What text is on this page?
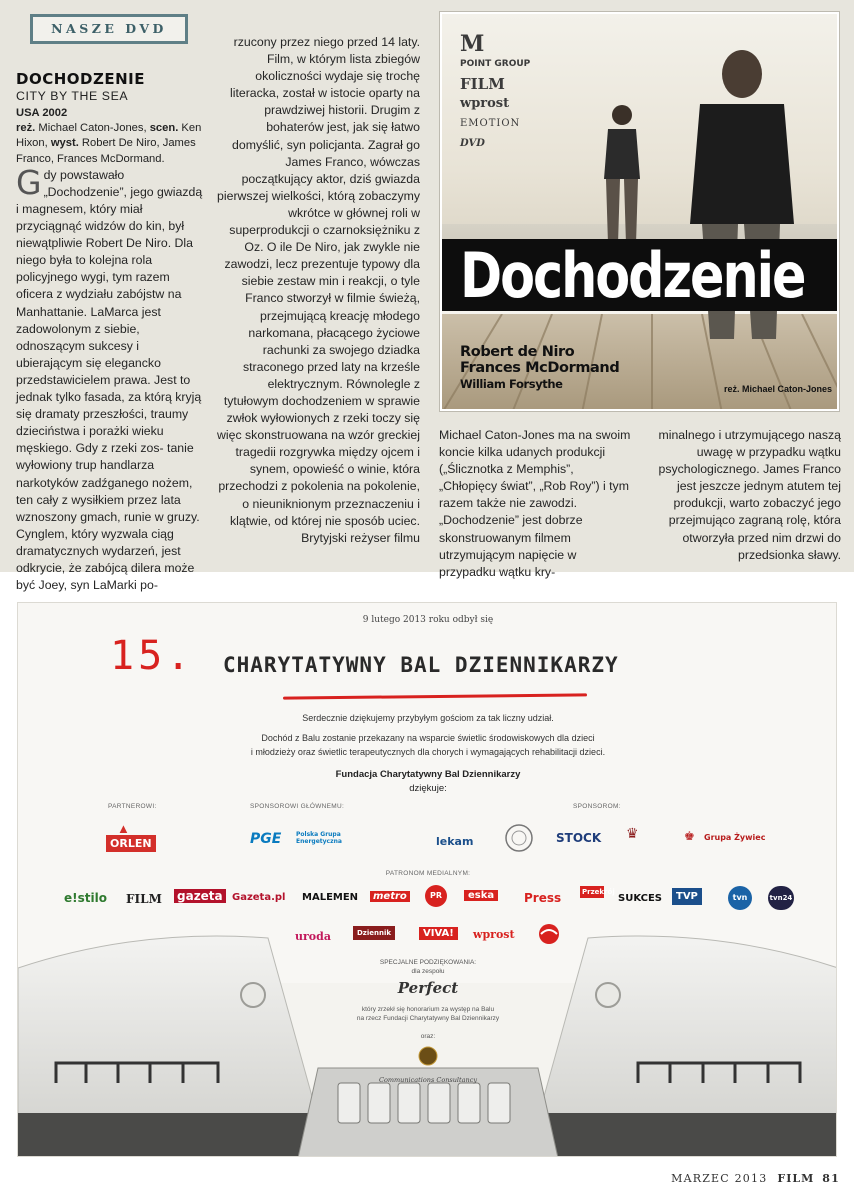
NASZE DVD
DOCHODZENIE
CITY BY THE SEA
USA 2002
reż. Michael Caton-Jones, scen. Ken Hixon, wyst. Robert De Niro, James Franco, Frances McDormand.

Gdy powstawało „Dochodzenie”, jego gwiazdą i magnesem, który miał przyciągnąć widzów do kin, był niewątpliwie Robert De Niro. Dla niego była to kolejna rola policyjnego wygi, tym razem oficera z wydziału zabójstw na Manhattanie. LaMarca jest zadowolonym z siebie, odnoszącym sukcesy i ubierającym się elegancko przedstawicielem prawa. Jest to jednak tylko fasada, za którą kryją się dramaty przeszłości, traumy dzieciństwa i porażki wieku męskiego. Gdy z rzeki zos- tanie wyłowiony trup handlarza narkotyków zadźganego nożem, ten cały z wysiłkiem przez lata wznoszony gmach, runie w gruzy. Cynglem, który wyzwala ciąg dramatycznych wydarzeń, jest odkrycie, że zabójcą dilera może być Joey, syn LaMarki po-

rzucony przez niego przed 14 laty. Film, w którym lista zbiegów okoliczności wydaje się trochę literacka, został w istocie oparty na prawdziwej historii. Drugim z bohaterów jest, jak się łatwo domyślić, syn policjanta. Zagrał go James Franco, wówczas początkujący aktor, dziś gwiazda pierwszej wielkości, którą zobaczymy wkrótce w głównej roli w superprodukcji o czarnoksiężniku z Oz. O ile De Niro, jak zwykle nie zawodzi, lecz prezentuje typowy dla siebie zestaw min i reakcji, o tyle Franco stworzył w filmie świeżą, przejmującą kreację młodego narkomana, płacącego życiowe rachunki za swojego dziadka straconego przed laty na krześle elektrycznym. Równolegle z tytułowym dochodzeniem w sprawie zwłok wyłowionych z rzeki toczy się więc skonstruowana na wzór greckiej tragedii rozgrywka między ojcem i synem, opowieść o winie, która przechodzi z pokolenia na pokolenie, o nieuniknionym przeznaczeniu i klątwie, od której nie sposób uciec. Brytyjski reżyser filmu

M
POINT GROUP
FILM
wprost
EMOTION
DVD
Dochodzenie
Robert de Niro
Frances McDormand
William Forsythe	reż. Michael Caton-Jones

Michael Caton-Jones ma na swoim koncie kilka udanych produkcji („Ślicznotka z Memphis”, „Chłopięcy świat”, „Rob Roy”) i tym razem także nie zawodzi. „Dochodzenie” jest dobrze skonstruowanym filmem utrzymującym napięcie w przypadku wątku kry-

minalnego i utrzymującego naszą uwagę w przypadku wątku psychologicznego. James Franco jest jeszcze jednym atutem tej produkcji, warto zobaczyć jego przejmująco zagraną rolę, która otworzyła przed nim drzwi do przedsionka sławy.

9 lutego 2013 roku odbył się
15. CHARYTATYWNY BAL DZIENNIKARZY
Serdecznie dziękujemy przybyłym gościom za tak liczny udział.
Dochód z Balu zostanie przekazany na wsparcie świetlic środowiskowych dla dzieci
i młodzieży oraz świetlic terapeutycznych dla chorych i wymagających rehabilitacji dzieci.
Fundacja Charytatywny Bal Dziennikarzy
dziękuje:
PARTNEROWI:	SPONSOROWI GŁÓWNEMU:	SPONSOROM:
ORLEN
▲
PGE Polska Grupa Energetyczna	lekam	STOCK ♛	Grupa Żywiec
♚
PATRONOM MEDIALNYM:
e!stilo FILM gazeta Gazeta.pl MALEMEN	metro	PR	eska	Press	Przekrój
SUKCES	TVP	tvn	tvn24
uroda	Dziennik	VIVA!	wprost
SPECJALNE PODZIĘKOWANIA:
dla zespołu
Perfect
który zrzekł się honorarium za występ na Balu
na rzecz Fundacji Charytatywny Bal Dziennikarzy
oraz:
Communications Consultancy
MARZEC 2013 FILM 81
